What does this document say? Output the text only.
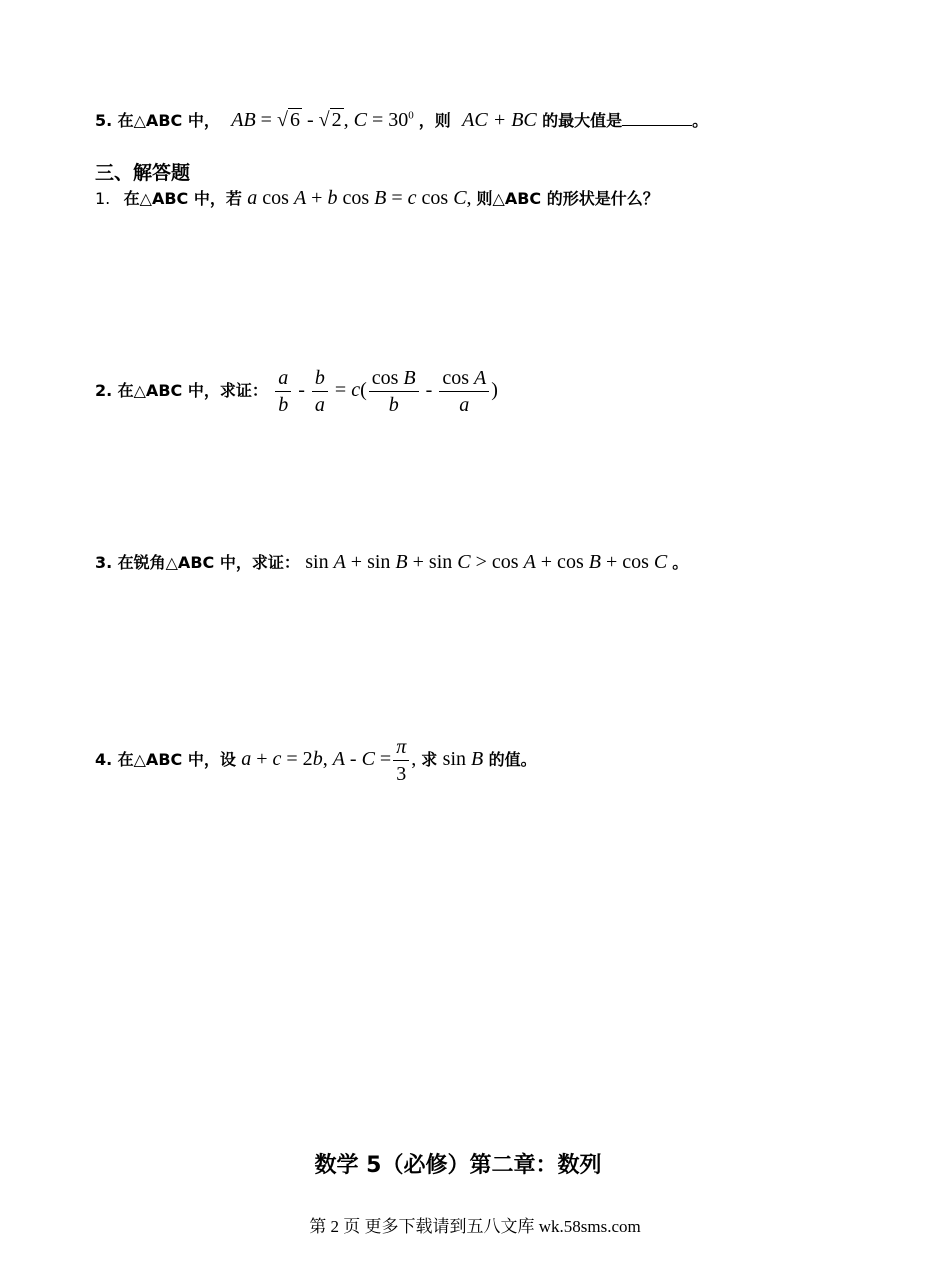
5. 在△ABC 中， AB = √ 6 - √ 2 , $C = 30^0$ ，则 AC + BC 的最大值是	。
三、解答题
1. 在△ABC 中，若 a cos A + b cos B = c cos C, 则△ABC 的形状是什么？
2. 在△ABC 中，求证： $\frac{a}{b} - \frac{b}{a} = c( \frac{\text{cos B}}{b} - \frac{\text{cos A}}{a}$ )
3. 在锐角△ABC 中，求证： sin A + sin B + sin C > cos A + cos B + cos C 。
4. 在△ABC 中，设 a + c = 2b, $A - C = \frac{\pi}{3}$ , 求 sin B 的值。
数学 5（必修）第二章：数列
第 2 页 更多下载请到五八文库 wk.58sms.com
